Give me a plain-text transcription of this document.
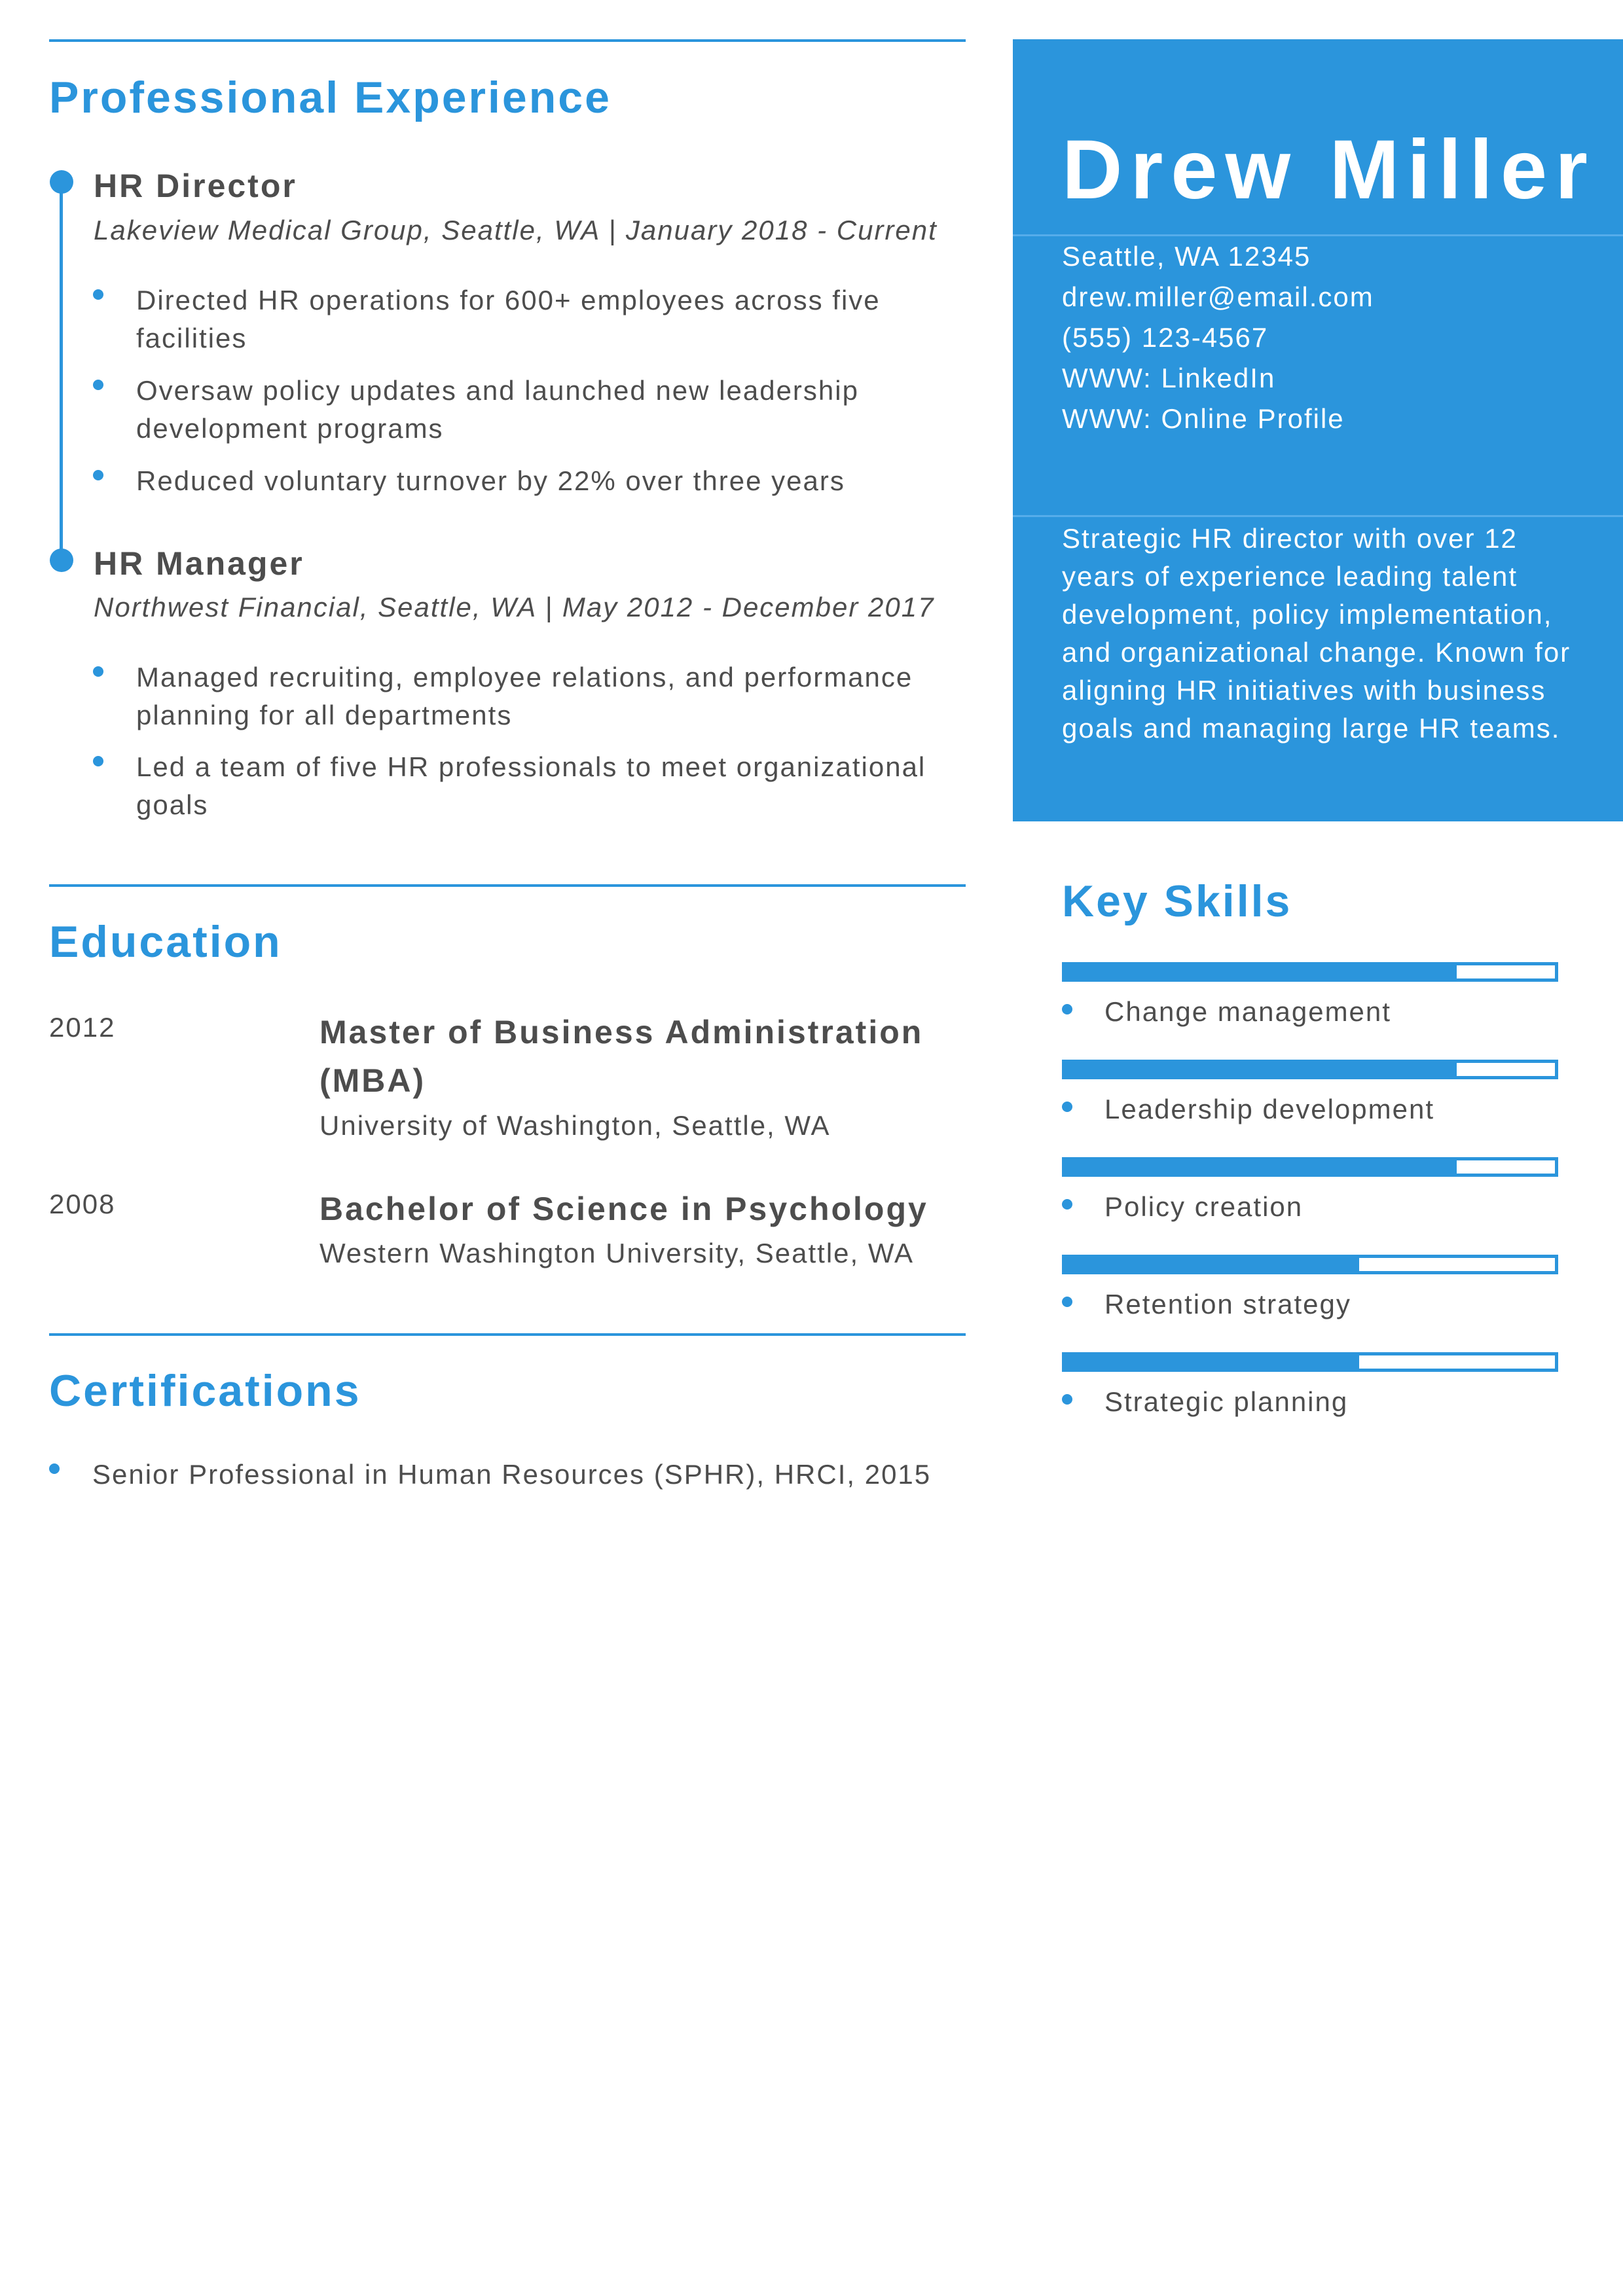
Professional Experience
HR Director
Lakeview Medical Group, Seattle, WA | January 2018 - Current
Directed HR operations for 600+ employees across five facilities
Oversaw policy updates and launched new leadership development programs
Reduced voluntary turnover by 22% over three years
HR Manager
Northwest Financial, Seattle, WA | May 2012 - December 2017
Managed recruiting, employee relations, and performance planning for all departments
Led a team of five HR professionals to meet organizational goals
Education
2012	Master of Business Administration (MBA)
University of Washington, Seattle, WA
2008	Bachelor of Science in Psychology
Western Washington University, Seattle, WA
Certifications
Senior Professional in Human Resources (SPHR), HRCI, 2015
Drew Miller
Seattle, WA 12345
drew.miller@email.com
(555) 123-4567
WWW: LinkedIn
WWW: Online Profile
Strategic HR director with over 12 years of experience leading talent development, policy implementation, and organizational change. Known for aligning HR initiatives with business goals and managing large HR teams.
Key Skills
Change management
Leadership development
Policy creation
Retention strategy
Strategic planning
